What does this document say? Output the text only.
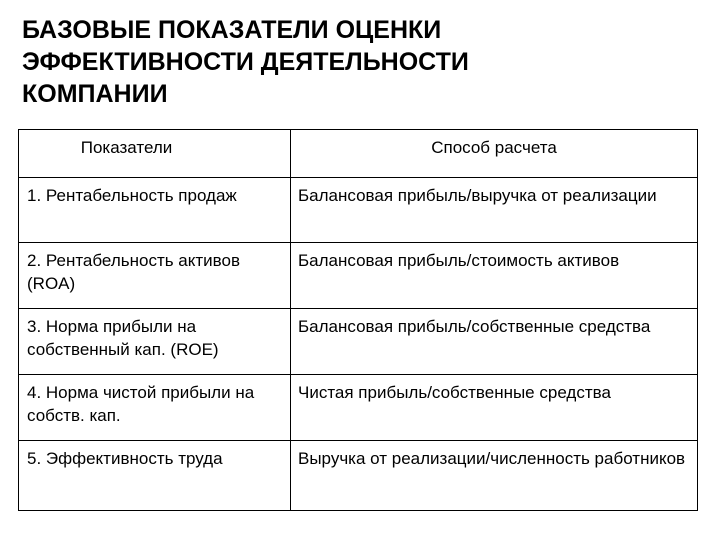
БАЗОВЫЕ ПОКАЗАТЕЛИ ОЦЕНКИ
ЭФФЕКТИВНОСТИ ДЕЯТЕЛЬНОСТИ
КОМПАНИИ
Показатели	Способ расчета
1. Рентабельность продаж	Балансовая прибыль/выручка от реализации
2. Рентабельность активов (ROA)	Балансовая прибыль/стоимость активов
3. Норма прибыли на собственный кап. (ROE)	Балансовая прибыль/собственные средства
4. Норма чистой прибыли на собств. кап.	Чистая прибыль/собственные средства
5. Эффективность труда	Выручка от реализации/численность работников
